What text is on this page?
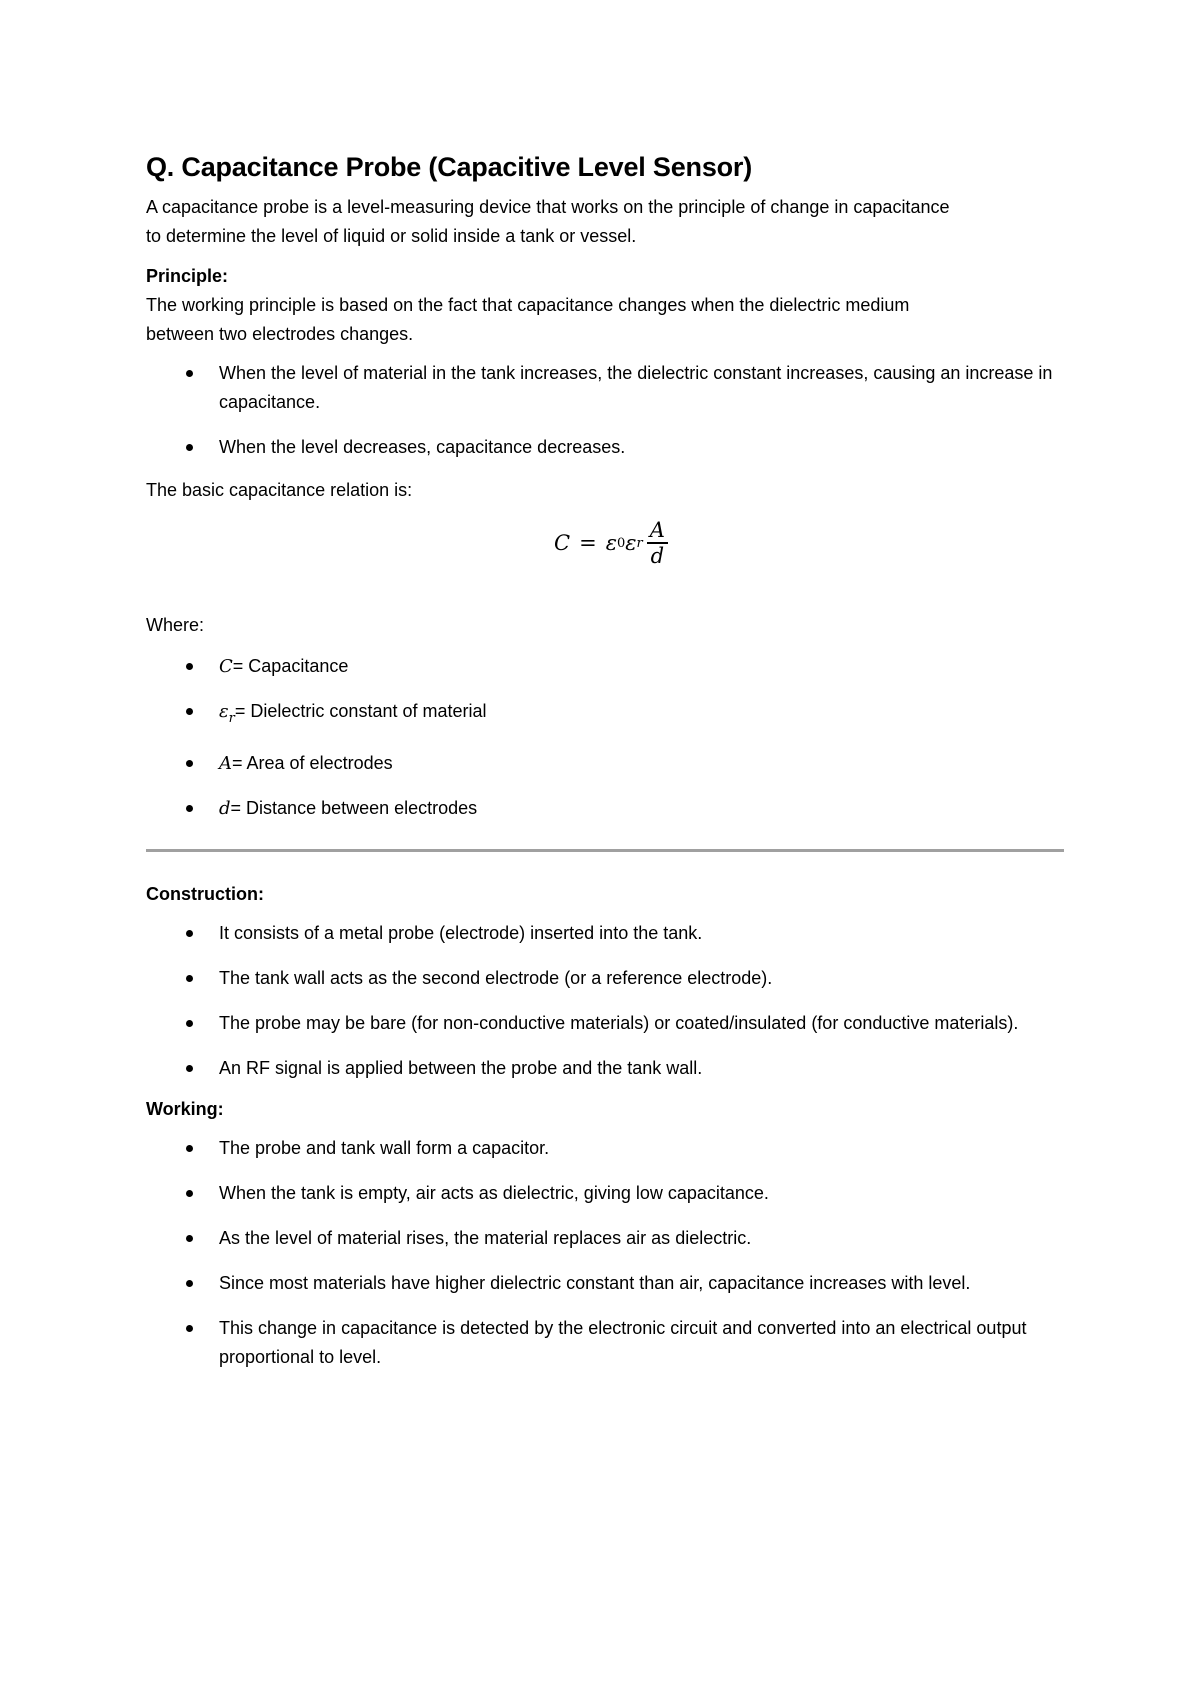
Q. Capacitance Probe (Capacitive Level Sensor)

A capacitance probe is a level-measuring device that works on the principle of change in capacitance

to determine the level of liquid or solid inside a tank or vessel.

Principle:

The working principle is based on the fact that capacitance changes when the dielectric medium

between two electrodes changes.

When the level of material in the tank increases, the dielectric constant increases, causing an increase in capacitance.
When the level decreases, capacitance decreases.

The basic capacitance relation is:

C = ε 0 ε r $\frac{A}{d}$

Where:

C= Capacitance
$\varepsilon_r=$ Dielectric constant of material
A= Area of electrodes
d= Distance between electrodes

Construction:

It consists of a metal probe (electrode) inserted into the tank.
The tank wall acts as the second electrode (or a reference electrode).
The probe may be bare (for non-conductive materials) or coated/insulated (for conductive materials).
An RF signal is applied between the probe and the tank wall.

Working:

The probe and tank wall form a capacitor.
When the tank is empty, air acts as dielectric, giving low capacitance.
As the level of material rises, the material replaces air as dielectric.
Since most materials have higher dielectric constant than air, capacitance increases with level.
This change in capacitance is detected by the electronic circuit and converted into an electrical output proportional to level.
